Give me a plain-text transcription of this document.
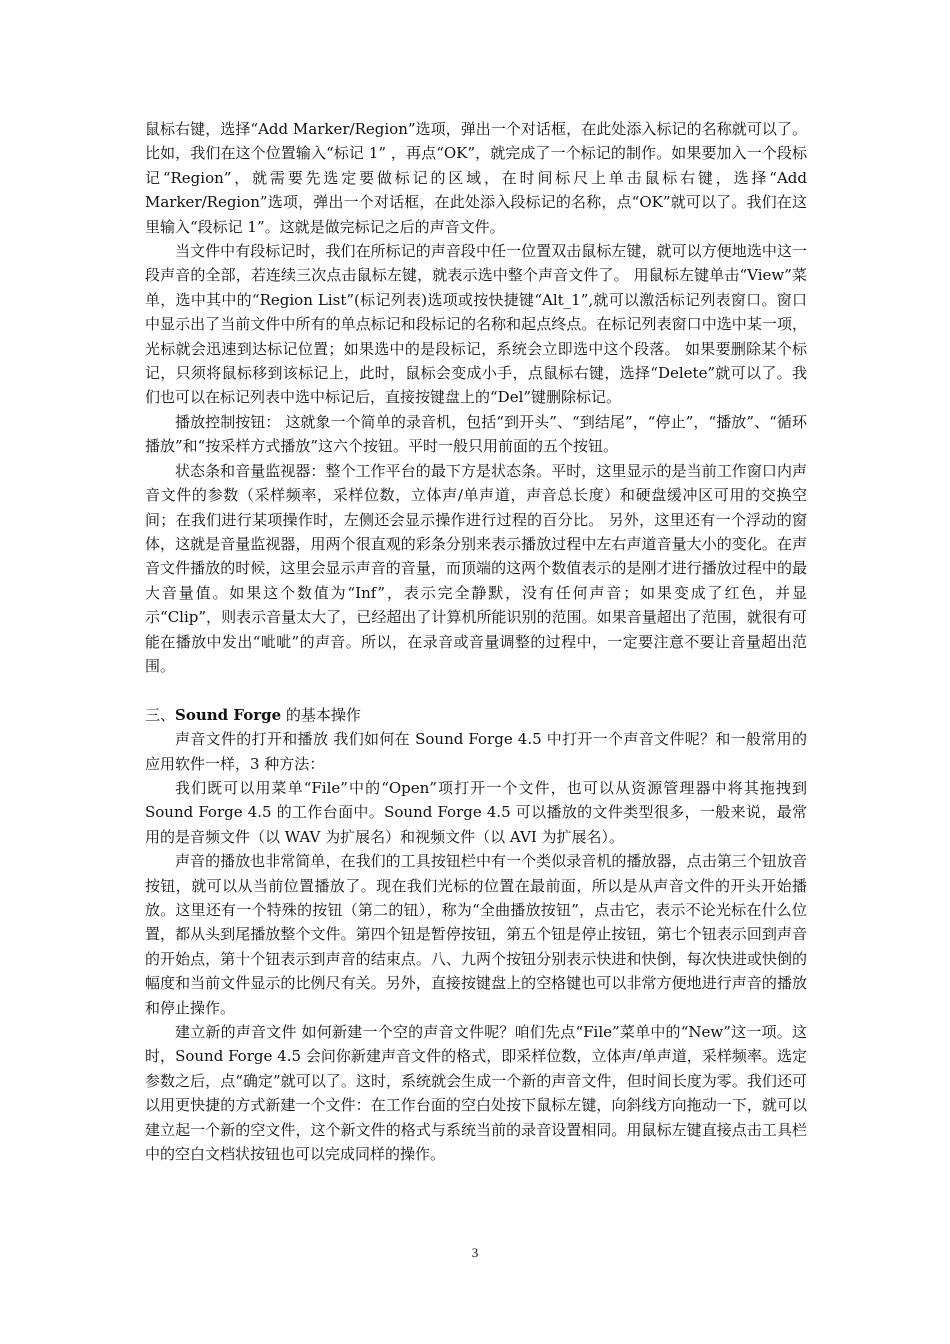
鼠标右键，选择“Add Marker/Region”选项，弹出一个对话框，在此处添入标记的名称就可以了。比如，我们在这个位置输入“标记 1” ，再点“OK”，就完成了一个标记的制作。如果要加入一个段标记“Region”，就需要先选定要做标记的区域，在时间标尺上单击鼠标右键，选择“Add Marker/Region”选项，弹出一个对话框，在此处添入段标记的名称，点“OK”就可以了。我们在这里输入“段标记 1”。这就是做完标记之后的声音文件。

当文件中有段标记时，我们在所标记的声音段中任一位置双击鼠标左键，就可以方便地选中这一段声音的全部，若连续三次点击鼠标左键，就表示选中整个声音文件了。 用鼠标左键单击“View”菜单，选中其中的“Region List”(标记列表)选项或按快捷键“Alt_1”,就可以激活标记列表窗口。窗口中显示出了当前文件中所有的单点标记和段标记的名称和起点终点。在标记列表窗口中选中某一项，光标就会迅速到达标记位置；如果选中的是段标记，系统会立即选中这个段落。 如果要删除某个标记，只须将鼠标移到该标记上，此时，鼠标会变成小手，点鼠标右键，选择“Delete”就可以了。我们也可以在标记列表中选中标记后，直接按键盘上的“Del”键删除标记。

播放控制按钮： 这就象一个简单的录音机，包括“到开头”、“到结尾”，“停止”，“播放”、“循环播放”和“按采样方式播放”这六个按钮。平时一般只用前面的五个按钮。

状态条和音量监视器：整个工作平台的最下方是状态条。平时，这里显示的是当前工作窗口内声音文件的参数（采样频率，采样位数，立体声/单声道，声音总长度）和硬盘缓冲区可用的交换空间；在我们进行某项操作时，左侧还会显示操作进行过程的百分比。 另外，这里还有一个浮动的窗体，这就是音量监视器，用两个很直观的彩条分别来表示播放过程中左右声道音量大小的变化。在声音文件播放的时候，这里会显示声音的音量，而顶端的这两个数值表示的是刚才进行播放过程中的最大音量值。如果这个数值为“Inf”，表示完全静默，没有任何声音；如果变成了红色，并显示“Clip”，则表示音量太大了，已经超出了计算机所能识别的范围。如果音量超出了范围，就很有可能在播放中发出“呲呲”的声音。所以，在录音或音量调整的过程中，一定要注意不要让音量超出范围。

三、Sound Forge 的基本操作

声音文件的打开和播放 我们如何在 Sound Forge 4.5 中打开一个声音文件呢？和一般常用的应用软件一样，3 种方法：

我们既可以用菜单“File”中的“Open”项打开一个文件，也可以从资源管理器中将其拖拽到 Sound Forge 4.5 的工作台面中。Sound Forge 4.5 可以播放的文件类型很多，一般来说，最常用的是音频文件（以 WAV 为扩展名）和视频文件（以 AVI 为扩展名）。

声音的播放也非常简单，在我们的工具按钮栏中有一个类似录音机的播放器，点击第三个钮放音按钮，就可以从当前位置播放了。现在我们光标的位置在最前面，所以是从声音文件的开头开始播放。这里还有一个特殊的按钮（第二的钮），称为“全曲播放按钮”，点击它，表示不论光标在什么位置，都从头到尾播放整个文件。第四个钮是暂停按钮，第五个钮是停止按钮，第七个钮表示回到声音的开始点，第十个钮表示到声音的结束点。八、九两个按钮分别表示快进和快倒，每次快进或快倒的幅度和当前文件显示的比例尺有关。另外，直接按键盘上的空格键也可以非常方便地进行声音的播放和停止操作。

建立新的声音文件 如何新建一个空的声音文件呢？咱们先点“File”菜单中的“New”这一项。这时，Sound Forge 4.5 会问你新建声音文件的格式，即采样位数，立体声/单声道，采样频率。选定参数之后，点“确定”就可以了。这时，系统就会生成一个新的声音文件，但时间长度为零。我们还可以用更快捷的方式新建一个文件：在工作台面的空白处按下鼠标左键，向斜线方向拖动一下，就可以建立起一个新的空文件，这个新文件的格式与系统当前的录音设置相同。用鼠标左键直接点击工具栏中的空白文档状按钮也可以完成同样的操作。

3
